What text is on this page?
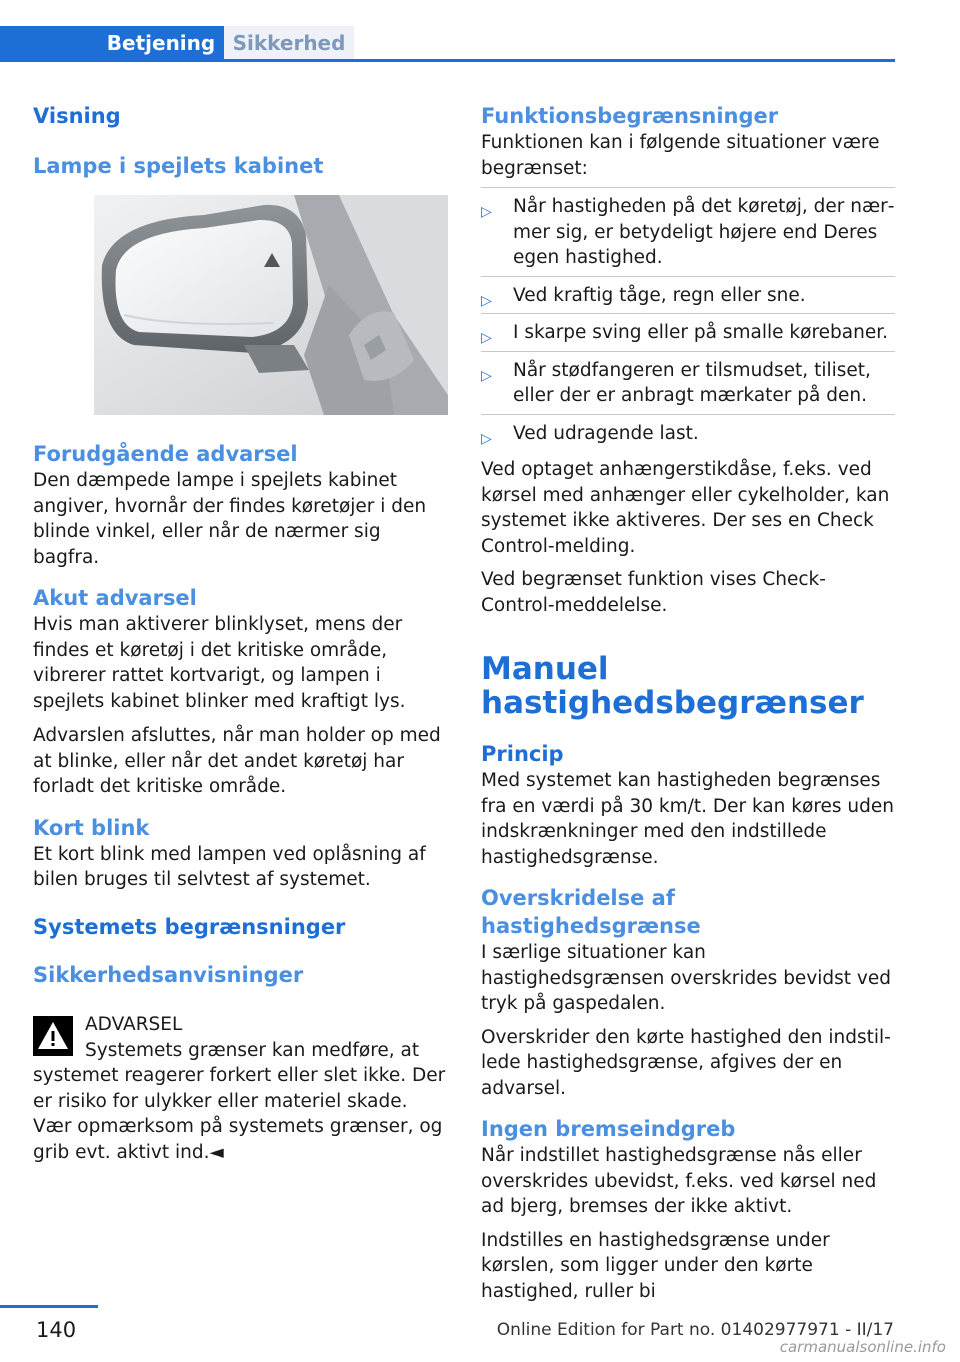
Betjening Sikkerhed
Visning
Lampe i spejlets kabinet
Forudgående advarsel
Den dæmpede lampe i spejlets kabinet angiver, hvornår der findes køretøjer i den blinde vinkel, eller når de nærmer sig bagfra.
Akut advarsel
Hvis man aktiverer blinklyset, mens der findes et køretøj i det kritiske område, vibrerer rattet kortvarigt, og lampen i spejlets kabinet blinker med kraftigt lys.
Advarslen afsluttes, når man holder op med at blinke, eller når det andet køretøj har forladt det kritiske område.
Kort blink
Et kort blink med lampen ved oplåsning af bilen bruges til selvtest af systemet.
Systemets begrænsninger
Sikkerhedsanvisninger
ADVARSEL
Systemets grænser kan medføre, at systemet reagerer forkert eller slet ikke. Der er risiko for ulykker eller materiel skade. Vær opmærksom på systemets grænser, og grib evt. aktivt ind.◄
Funktionsbegrænsninger
Funktionen kan i følgende situationer være begrænset:
▷ Når hastigheden på det køretøj, der nærmer sig, er betydeligt højere end Deres egen hastighed.
▷ Ved kraftig tåge, regn eller sne.
▷ I skarpe sving eller på smalle kørebaner.
▷ Når stødfangeren er tilsmudset, tiliset, eller der er anbragt mærkater på den.
▷ Ved udragende last.
Ved optaget anhængerstikdåse, f.eks. ved kørsel med anhænger eller cykelholder, kan systemet ikke aktiveres. Der ses en Check Control-melding.
Ved begrænset funktion vises Check-Control-meddelelse.
Manuel hastighedsbegrænser
Princip
Med systemet kan hastigheden begrænses fra en værdi på 30 km/t. Der kan køres uden indskrænkninger med den indstillede hastighedsgrænse.
Overskridelse af hastighedsgrænse
I særlige situationer kan hastighedsgrænsen overskrides bevidst ved tryk på gaspedalen.
Overskrider den kørte hastighed den indstillede hastighedsgrænse, afgives der en advarsel.
Ingen bremseindgreb
Når indstillet hastighedsgrænse nås eller overskrides ubevidst, f.eks. ved kørsel ned ad bjerg, bremses der ikke aktivt.
Indstilles en hastighedsgrænse under kørslen, som ligger under den kørte hastighed, ruller bi
140	Online Edition for Part no. 01402977971 - II/17
carmanualsonline.info
